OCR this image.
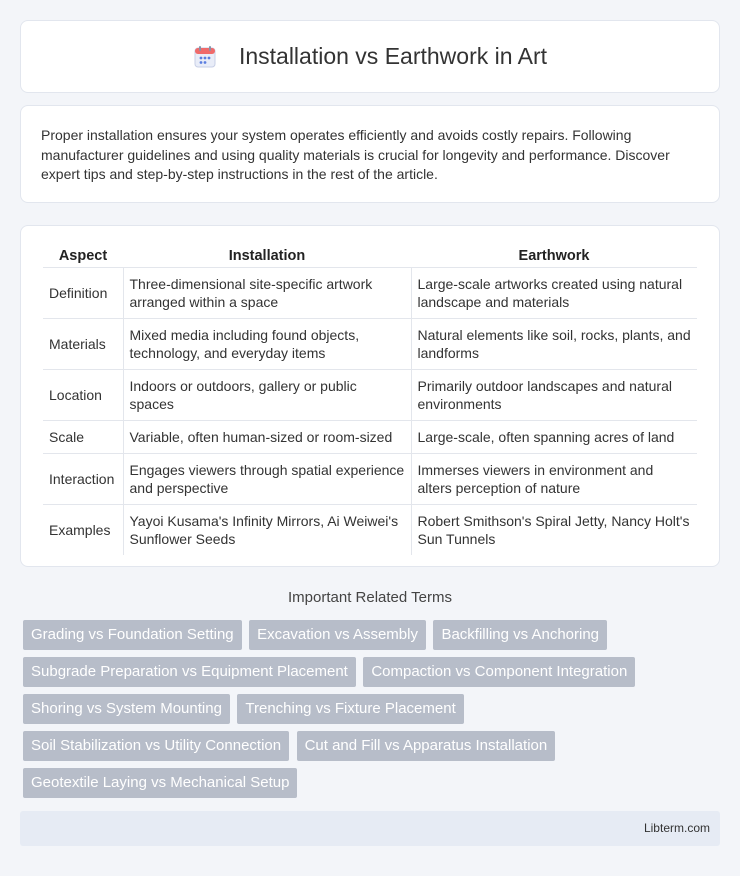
Installation vs Earthwork in Art

Proper installation ensures your system operates efficiently and avoids costly repairs. Following manufacturer guidelines and using quality materials is crucial for longevity and performance. Discover expert tips and step-by-step instructions in the rest of the article.

Aspect	Installation	Earthwork
Definition	Three-dimensional site-specific artwork arranged within a space	Large-scale artworks created using natural landscape and materials
Materials	Mixed media including found objects, technology, and everyday items	Natural elements like soil, rocks, plants, and landforms
Location	Indoors or outdoors, gallery or public spaces	Primarily outdoor landscapes and natural environments
Scale	Variable, often human-sized or room-sized	Large-scale, often spanning acres of land
Interaction	Engages viewers through spatial experience and perspective	Immerses viewers in environment and alters perception of nature
Examples	Yayoi Kusama's Infinity Mirrors, Ai Weiwei's Sunflower Seeds	Robert Smithson's Spiral Jetty, Nancy Holt's Sun Tunnels
Important Related Terms
Grading vs Foundation Setting Excavation vs Assembly Backfilling vs Anchoring
Subgrade Preparation vs Equipment Placement Compaction vs Component Integration
Shoring vs System Mounting Trenching vs Fixture Placement
Soil Stabilization vs Utility Connection Cut and Fill vs Apparatus Installation
Geotextile Laying vs Mechanical Setup
Libterm.com
